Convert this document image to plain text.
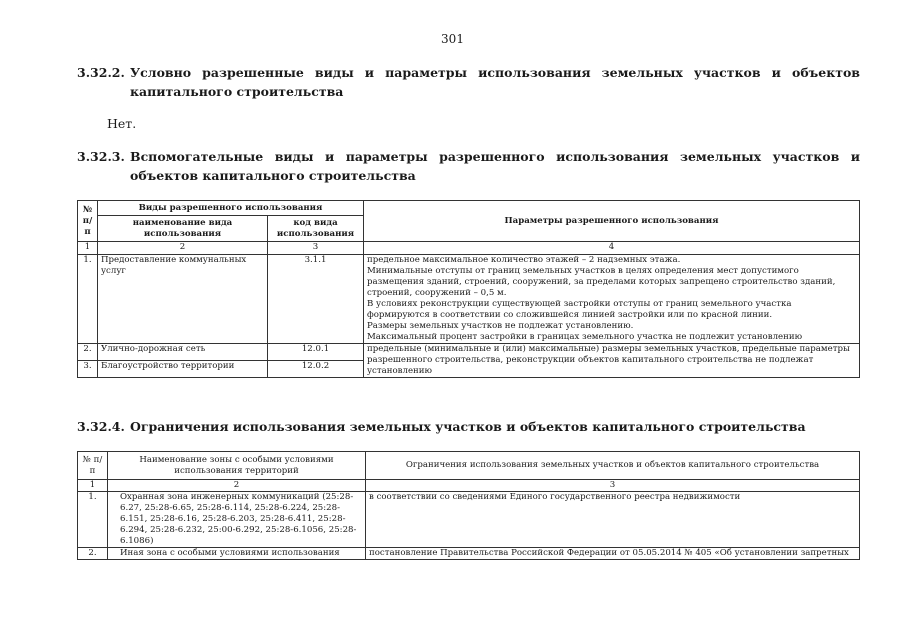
301
3.32.2. Условно разрешенные виды и параметры использования земельных участков и объектов капитального строительства
Нет.
3.32.3. Вспомогательные виды и параметры разрешенного использования земельных участков и объектов капитального строительства
№ п/п	Виды разрешенного использования		Параметры разрешенного использования
	наименование вида использования	код вида использования	
1	2	3	4
1.	Предоставление коммунальных услуг	3.1.1	предельное максимальное количество этажей – 2 надземных этажа.
Минимальные отступы от границ земельных участков в целях определения мест допустимого размещения зданий, строений, сооружений, за пределами которых запрещено строительство зданий, строений, сооружений – 0,5 м.
В условиях реконструкции существующей застройки отступы от границ земельного участка формируются в соответствии со сложившейся линией застройки или по красной линии.
Размеры земельных участков не подлежат установлению.
Максимальный процент застройки в границах земельного участка не подлежит установлению

2.	Улично-дорожная сеть	12.0.1	предельные (минимальные и (или) максимальные) размеры земельных участков, предельные параметры разрешенного строительства, реконструкции объектов капитального строительства не подлежат установлению
3.	Благоустройство территории	12.0.2	
3.32.4. Ограничения использования земельных участков и объектов капитального строительства
№ п/п	Наименование зоны с особыми условиями использования территорий	Ограничения использования земельных участков и объектов капитального строительства
1	2	3
1.	Охранная зона инженерных коммуникаций (25:28-6.27, 25:28-6.65, 25:28-6.114, 25:28-6.224, 25:28-6.151, 25:28-6.16, 25:28-6.203, 25:28-6.411, 25:28-6.294, 25:28-6.232, 25:00-6.292, 25:28-6.1056, 25:28-6.1086)	в соответствии со сведениями Единого государственного реестра недвижимости
2.	Иная зона с особыми условиями использования	постановление Правительства Российской Федерации от 05.05.2014 № 405 «Об установлении запретных
